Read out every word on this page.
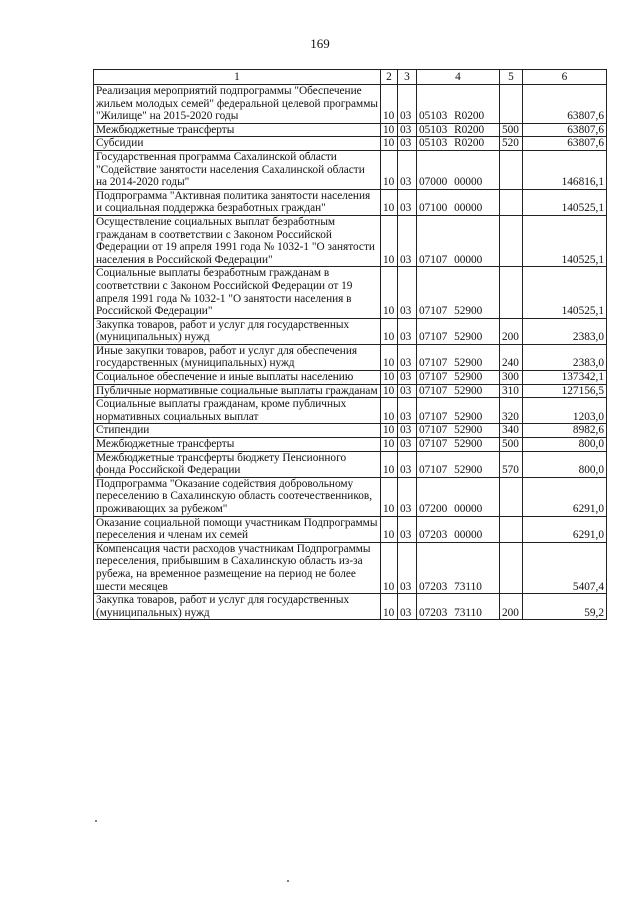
169
1	2	3	4	5	6
Реализация мероприятий подпрограммы "Обеспечение жильем молодых семей" федеральной целевой программы "Жилище" на 2015-2020 годы	10	03	05103 R0200		63807,6
Межбюджетные трансферты	10	03	05103 R0200	500	63807,6
Субсидии	10	03	05103 R0200	520	63807,6
Государственная программа Сахалинской области "Содействие занятости населения Сахалинской области на 2014-2020 годы"	10	03	07000 00000		146816,1
Подпрограмма "Активная политика занятости населения и социальная поддержка безработных граждан"	10	03	07100 00000		140525,1
Осуществление социальных выплат безработным гражданам в соответствии с Законом Российской Федерации от 19 апреля 1991 года № 1032-1 "О занятости населения в Российской Федерации"	10	03	07107 00000		140525,1
Социальные выплаты безработным гражданам в соответствии с Законом Российской Федерации от 19 апреля 1991 года № 1032-1 "О занятости населения в Российской Федерации"	10	03	07107 52900		140525,1
Закупка товаров, работ и услуг для государственных (муниципальных) нужд	10	03	07107 52900	200	2383,0
Иные закупки товаров, работ и услуг для обеспечения государственных (муниципальных) нужд	10	03	07107 52900	240	2383,0
Социальное обеспечение и иные выплаты населению	10	03	07107 52900	300	137342,1
Публичные нормативные социальные выплаты гражданам	10	03	07107 52900	310	127156,5
Социальные выплаты гражданам, кроме публичных нормативных социальных выплат	10	03	07107 52900	320	1203,0
Стипендии	10	03	07107 52900	340	8982,6
Межбюджетные трансферты	10	03	07107 52900	500	800,0
Межбюджетные трансферты бюджету Пенсионного фонда Российской Федерации	10	03	07107 52900	570	800,0
Подпрограмма "Оказание содействия добровольному переселению в Сахалинскую область соотечественников, проживающих за рубежом"	10	03	07200 00000		6291,0
Оказание социальной помощи участникам Подпрограммы переселения и членам их семей	10	03	07203 00000		6291,0
Компенсация части расходов участникам Подпрограммы переселения, прибывшим в Сахалинскую область из-за рубежа, на временное размещение на период не более шести месяцев	10	03	07203 73110		5407,4
Закупка товаров, работ и услуг для государственных (муниципальных) нужд	10	03	07203 73110	200	59,2
